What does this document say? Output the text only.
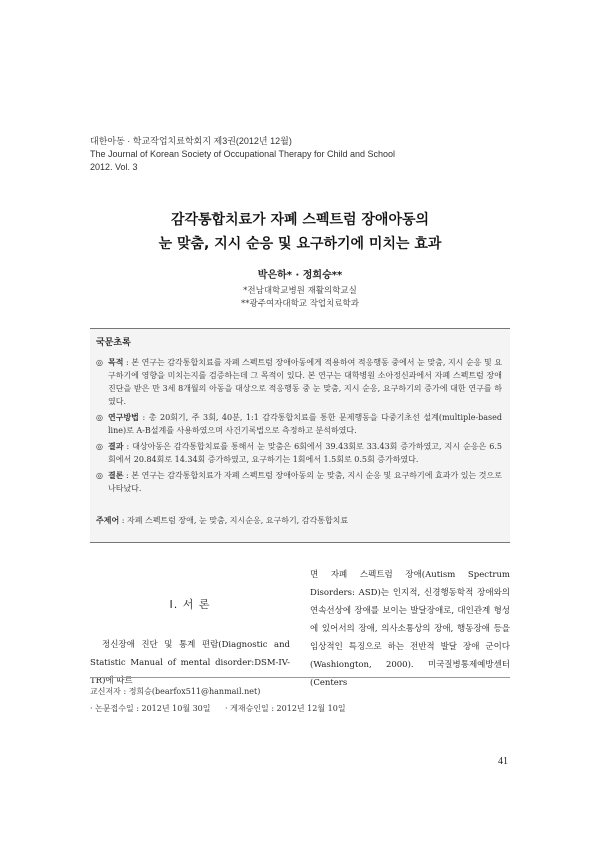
대한아동 · 학교작업치료학회지 제3권(2012년 12월)
The Journal of Korean Society of Occupational Therapy for Child and School
2012. Vol. 3
감각통합치료가 자폐 스펙트럼 장애아동의
눈 맞춤, 지시 순응 및 요구하기에 미치는 효과
박은하* · 정희승**
*전남대학교병원 재활의학교실
**광주여자대학교 작업치료학과
국문초록
◎ 목적 : 본 연구는 감각통합치료를 자폐 스펙트럼 장애아동에게 적용하여 적응행동 중에서 눈 맞춤, 지시 순응 및 요구하기에 영향을 미치는지를 검증하는데 그 목적이 있다. 본 연구는 대학병원 소아정신과에서 자폐 스펙트럼 장애 진단을 받은 만 3세 8개월의 아동을 대상으로 적응행동 중 눈 맞춤, 지시 순응, 요구하기의 증가에 대한 연구를 하였다.
◎ 연구방법 : 총 20회기, 주 3회, 40분, 1:1 감각통합치료를 통한 문제행동을 다중기초선 설계(multiple-based line)로 A-B설계를 사용하였으며 사건기록법으로 측정하고 분석하였다.
◎ 결과 : 대상아동은 감각통합치료를 통해서 눈 맞춤은 6회에서 39.43회로 33.43회 증가하였고, 지시 순응은 6.5회에서 20.84회로 14.34회 증가하였고, 요구하기는 1회에서 1.5회로 0.5회 증가하였다.
◎ 결론 : 본 연구는 감각통합치료가 자폐 스펙트럼 장애아동의 눈 맞춤, 지시 순응 및 요구하기에 효과가 있는 것으로 나타났다.
주제어 : 자폐 스펙트럼 장애, 눈 맞춤, 지시순응, 요구하기, 감각통합치료
I. 서 론
정신장애 진단 및 통계 편람(Diagnostic and Statistic Manual of mental disorder:DSM-IV-TR)에 따르
면 자폐 스펙트럼 장애(Autism Spectrum Disorders: ASD)는 인지적, 신경행동학적 장애와의 연속선상에 장애를 보이는 발달장애로, 대인관계 형성에 있어서의 장애, 의사소통상의 장애, 행동장애 등을 임상적인 특징으로 하는 전반적 발달 장애 군이다(Washiongton, 2000). 미국질병통제예방센터(Centers
교신저자 : 정희승(bearfox511@hanmail.net)
· 논문접수일 : 2012년 10월 30일 · 게재승인일 : 2012년 12월 10일
41
